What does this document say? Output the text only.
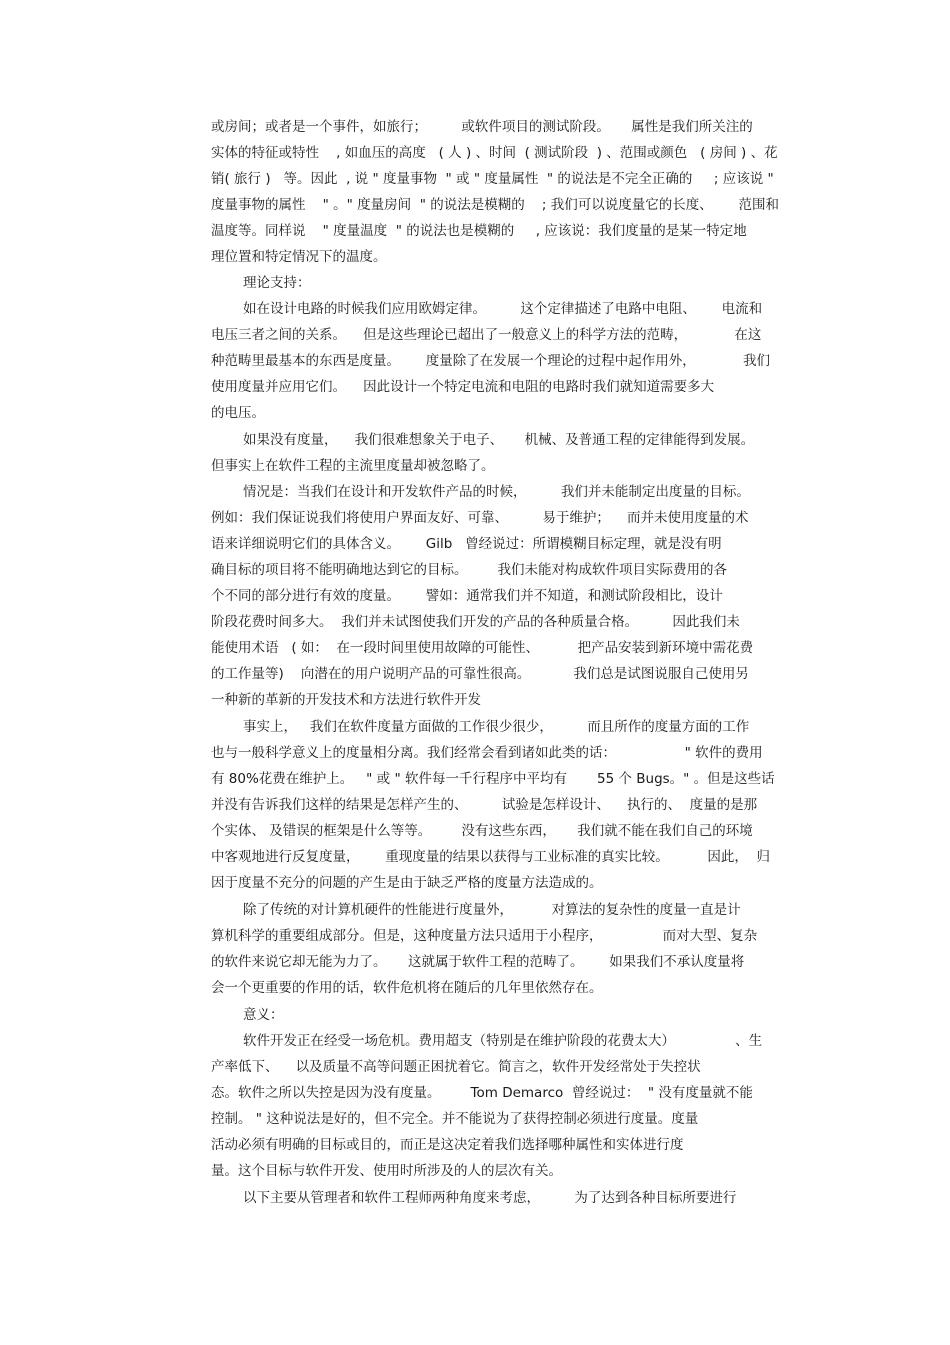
或房间；或者是一个事件，如旅行；        或软件项目的测试阶段。     属性是我们所关注的
实体的特征或特性    , 如血压的高度   ( 人 ) 、时间  ( 测试阶段  ) 、范围或颜色   ( 房间 ) 、花
销( 旅行 )   等。因此  , 说 " 度量事物  " 或 " 度量属性  " 的说法是不完全正确的     ; 应该说 "
度量事物的属性    " 。" 度量房间  " 的说法是模糊的    ; 我们可以说度量它的长度、      范围和
温度等。同样说    " 度量温度  " 的说法也是模糊的     , 应该说：我们度量的是某一特定地
理位置和特定情况下的温度。
理论支持：
如在设计电路的时候我们应用欧姆定律。        这个定律描述了电路中电阻、      电流和
电压三者之间的关系。    但是这些理论已超出了一般意义上的科学方法的范畴，           在这
种范畴里最基本的东西是度量。      度量除了在发展一个理论的过程中起作用外，           我们
使用度量并应用它们。    因此设计一个特定电流和电阻的电路时我们就知道需要多大
的电压。
如果没有度量，    我们很难想象关于电子、     机械、及普通工程的定律能得到发展。
但事实上在软件工程的主流里度量却被忽略了。
情况是：当我们在设计和开发软件产品的时候，        我们并未能制定出度量的目标。
例如：我们保证说我们将使用户界面友好、可靠、        易于维护；    而并未使用度量的术
语来详细说明它们的具体含义。      Gilb   曾经说过：所谓模糊目标定理，就是没有明
确目标的项目将不能明确地达到它的目标。       我们未能对构成软件项目实际费用的各
个不同的部分进行有效的度量。      譬如：通常我们并不知道，和测试阶段相比，设计
阶段花费时间多大。  我们并未试图使我们开发的产品的各种质量合格。        因此我们未
能使用术语   ( 如：  在一段时间里使用故障的可能性、         把产品安装到新环境中需花费
的工作量等)    向潜在的用户说明产品的可靠性很高。          我们总是试图说服自己使用另
一种新的革新的开发技术和方法进行软件开发
事实上，   我们在软件度量方面做的工作很少很少，        而且所作的度量方面的工作
也与一般科学意义上的度量相分离。我们经常会看到诸如此类的话：                " 软件的费用
有 80%花费在维护上。   " 或 " 软件每一千行程序中平均有       55 个 Bugs。" 。但是这些话
并没有告诉我们这样的结果是怎样产生的、        试验是怎样设计、    执行的、  度量的是那
个实体、 及错误的框架是什么等等。       没有这些东西，     我们就不能在我们自己的环境
中客观地进行反复度量，      重现度量的结果以获得与工业标准的真实比较。         因此，  归
因于度量不充分的问题的产生是由于缺乏严格的度量方法造成的。
除了传统的对计算机硬件的性能进行度量外，         对算法的复杂性的度量一直是计
算机科学的重要组成部分。但是，这种度量方法只适用于小程序，              而对大型、复杂
的软件来说它却无能为力了。     这就属于软件工程的范畴了。      如果我们不承认度量将
会一个更重要的作用的话，软件危机将在随后的几年里依然存在。
意义：
软件开发正在经受一场危机。费用超支（特别是在维护阶段的花费太大）              、生
产率低下、    以及质量不高等问题正困扰着它。简言之，软件开发经常处于失控状
态。软件之所以失控是因为没有度量。       Tom Demarco  曾经说过：  " 没有度量就不能
控制。 " 这种说法是好的，但不完全。并不能说为了获得控制必须进行度量。度量
活动必须有明确的目标或目的，而正是这决定着我们选择哪种属性和实体进行度
量。这个目标与软件开发、使用时所涉及的人的层次有关。
以下主要从管理者和软件工程师两种角度来考虑，        为了达到各种目标所要进行
